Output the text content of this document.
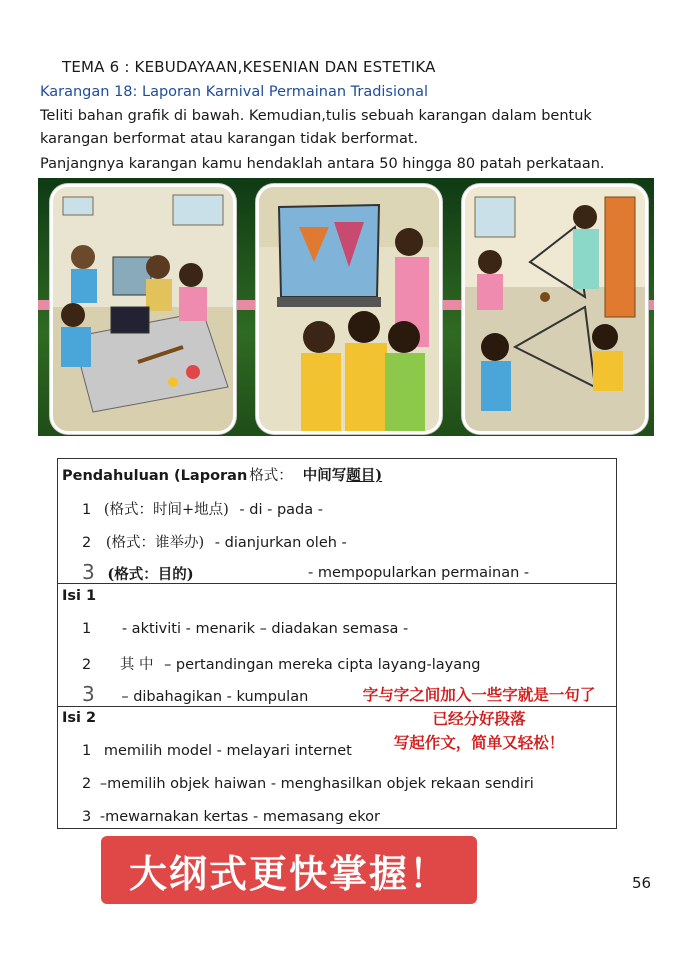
TEMA 6 : KEBUDAYAAN,KESENIAN DAN ESTETIKA
Karangan 18: Laporan Karnival Permainan Tradisional
Teliti bahan grafik di bawah. Kemudian,tulis sebuah karangan dalam bentuk
karangan berformat atau karangan tidak berformat.
Panjangnya karangan kamu hendaklah antara 50 hingga 80 patah perkataan.
Pendahuluan (Laporan 格式： 中间写题目)
1 (格式：时间+地点) - di - pada -
2 (格式：谁举办) - dianjurkan oleh -
3 (格式：目的)	- mempopularkan permainan -
Isi 1
1 - aktiviti - menarik – diadakan semasa -
2 其 中 – pertandingan mereka cipta layang-layang
3 – dibahagikan - kumpulan	字与字之间加入一些字就是一句了
已经分好段落
写起作文，简单又轻松！
Isi 2
1 memilih model - melayari internet
2 –memilih objek haiwan - menghasilkan objek rekaan sendiri
3 -mewarnakan kertas - memasang ekor
大纲式更快掌握！	56
